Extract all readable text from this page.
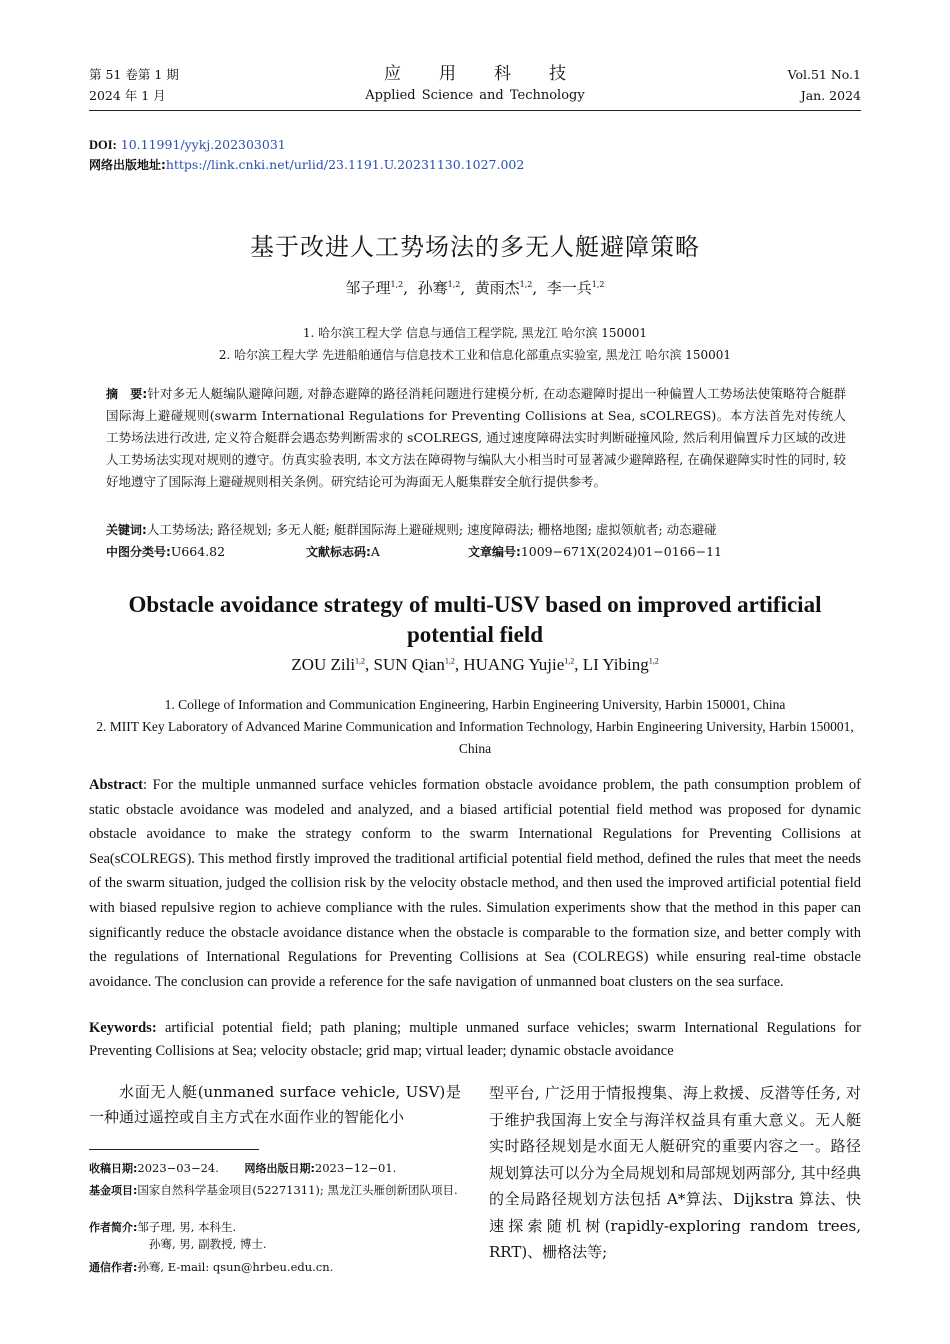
第 51 卷第 1 期
2024 年 1 月
应用科技
Applied Science and Technology
Vol.51 No.1
Jan. 2024
DOI: 10.11991/yykj.202303031
网络出版地址:https://link.cnki.net/urlid/23.1191.U.20231130.1027.002
基于改进人工势场法的多无人艇避障策略
邹子理$^{1,2}$,  孙骞$^{1,2}$,  黄雨杰$^{1,2}$,  李一兵$^{1,2}$
1. 哈尔滨工程大学 信息与通信工程学院, 黑龙江 哈尔滨 150001
2. 哈尔滨工程大学 先进船舶通信与信息技术工业和信息化部重点实验室, 黑龙江 哈尔滨 150001
摘　要:针对多无人艇编队避障问题, 对静态避障的路径消耗问题进行建模分析, 在动态避障时提出一种偏置人工势场法使策略符合艇群国际海上避碰规则(swarm International Regulations for Preventing Collisions at Sea, sCOLREGS)。本方法首先对传统人工势场法进行改进, 定义符合艇群会遇态势判断需求的 sCOLREGS, 通过速度障碍法实时判断碰撞风险, 然后利用偏置斥力区域的改进人工势场法实现对规则的遵守。仿真实验表明, 本文方法在障碍物与编队大小相当时可显著减少避障路程, 在确保避障实时性的同时, 较好地遵守了国际海上避碰规则相关条例。研究结论可为海面无人艇集群安全航行提供参考。
关键词:人工势场法; 路径规划; 多无人艇; 艇群国际海上避碰规则; 速度障碍法; 栅格地图; 虚拟领航者; 动态避碰
中图分类号:U664.82	文献标志码:A	文章编号:1009−671X(2024)01−0166−11
Obstacle avoidance strategy of multi-USV based on improved artificial potential field
ZOU Zili$^{1,2}$, SUN Qian$^{1,2}$, HUANG Yujie$^{1,2}$, LI Yibing$^{1,2}$
1. College of Information and Communication Engineering, Harbin Engineering University, Harbin 150001, China
2. MIIT Key Laboratory of Advanced Marine Communication and Information Technology, Harbin Engineering University, Harbin 150001, China
Abstract: For the multiple unmanned surface vehicles formation obstacle avoidance problem, the path consumption problem of static obstacle avoidance was modeled and analyzed, and a biased artificial potential field method was proposed for dynamic obstacle avoidance to make the strategy conform to the swarm International Regulations for Preventing Collisions at Sea(sCOLREGS). This method firstly improved the traditional artificial potential field method, defined the rules that meet the needs of the swarm situation, judged the collision risk by the velocity obstacle method, and then used the improved artificial potential field with biased repulsive region to achieve compliance with the rules. Simulation experiments show that the method in this paper can significantly reduce the obstacle avoidance distance when the obstacle is comparable to the formation size, and better comply with the regulations of International Regulations for Preventing Collisions at Sea (COLREGS) while ensuring real-time obstacle avoidance. The conclusion can provide a reference for the safe navigation of unmanned boat clusters on the sea surface.
Keywords: artificial potential field; path planing; multiple unmaned surface vehicles; swarm International Regulations for Preventing Collisions at Sea; velocity obstacle; grid map; virtual leader; dynamic obstacle avoidance
水面无人艇(unmaned surface vehicle, USV)是一种通过遥控或自主方式在水面作业的智能化小
型平台, 广泛用于情报搜集、海上救援、反潜等任务, 对于维护我国海上安全与海洋权益具有重大意义。无人艇实时路径规划是水面无人艇研究的重要内容之一。路径规划算法可以分为全局规划和局部规划两部分, 其中经典的全局路径规划方法包括 A*算法、Dijkstra 算法、快速探索随机树(rapidly-exploring random trees, RRT)、栅格法等;
收稿日期:2023−03−24. 网络出版日期:2023−12−01.
基金项目:国家自然科学基金项目(52271311); 黑龙江头雁创新团队项目.
作者简介:邹子理, 男, 本科生.
孙骞, 男, 副教授, 博士.
通信作者:孙骞, E-mail: qsun@hrbeu.edu.cn.
